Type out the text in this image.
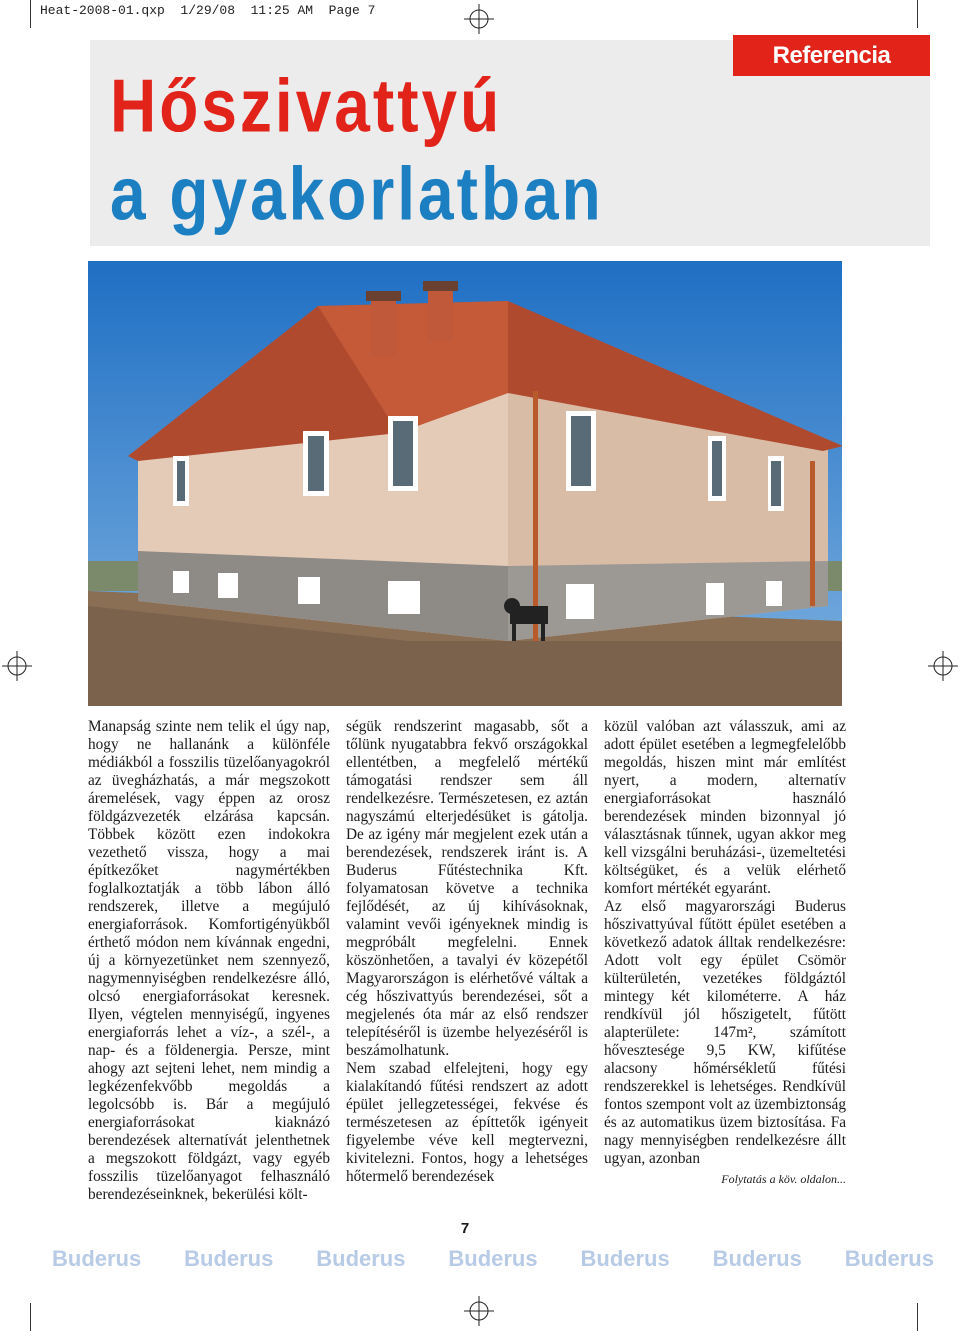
Heat-2008-01.qxp  1/29/08  11:25 AM  Page 7
Referencia
Hőszivattyú
a gyakorlatban

Manapság szinte nem telik el úgy nap, hogy ne hallanánk a különféle médiákból a fosszilis tüzelőanyagokról az üvegházhatás, a már megszokott áremelések, vagy éppen az orosz földgázvezeték elzárása kapcsán. Többek között ezen indokokra vezethető vissza, hogy a mai építkezőket nagymértékben foglalkoztatják a több lábon álló rendszerek, illetve a megújuló energiaforrások. Komfortigényükből érthető módon nem kívánnak engedni, új a környezetünket nem szennyező, nagymennyiségben rendelkezésre álló, olcsó energiaforrásokat keresnek. Ilyen, végtelen mennyiségű, ingyenes energiaforrás lehet a víz-, a szél-, a nap- és a földenergia. Persze, mint ahogy azt sejteni lehet, nem mindig a legkézenfekvőbb megoldás a legolcsóbb is. Bár a megújuló energiaforrásokat kiaknázó berendezések alternatívát jelenthetnek a megszokott földgázt, vagy egyéb fosszilis tüzelőanyagot felhasználó berendezéseinknek, bekerülési költ-

ségük rendszerint magasabb, sőt a tőlünk nyugatabbra fekvő országokkal ellentétben, a megfelelő mértékű támogatási rendszer sem áll rendelkezésre. Természetesen, ez aztán nagyszámú elterjedésüket is gátolja. De az igény már megjelent ezek után a berendezések, rendszerek iránt is. A Buderus Fűtéstechnika Kft. folyamatosan követve a technika fejlődését, az új kihívásoknak, valamint vevői igényeknek mindig is megpróbált megfelelni. Ennek köszönhetően, a tavalyi év közepétől Magyarországon is elérhetővé váltak a cég hőszivattyús berendezései, sőt a megjelenés óta már az első rendszer telepítéséről is üzembe helyezéséről is beszámolhatunk.

Nem szabad elfelejteni, hogy egy kialakítandó fűtési rendszert az adott épület jellegzetességei, fekvése és természetesen az építtetők igényeit figyelembe véve kell megtervezni, kivitelezni. Fontos, hogy a lehetséges hőtermelő berendezések

közül valóban azt válasszuk, ami az adott épület esetében a legmegfelelőbb megoldás, hiszen mint már említést nyert, a modern, alternatív energiaforrásokat használó berendezések minden bizonnyal jó választásnak tűnnek, ugyan akkor meg kell vizsgálni beruházási-, üzemeltetési költségüket, és a velük elérhető komfort mértékét egyaránt.

Az első magyarországi Buderus hőszivattyúval fűtött épület esetében a következő adatok álltak rendelkezésre: Adott volt egy épület Csömör külterületén, vezetékes földgáztól mintegy két kilométerre. A ház rendkívül jól hőszigetelt, fűtött alapterülete: 147m², számított hővesztesége 9,5 KW, kifűtése alacsony hőmérsékletű fűtési rendszerekkel is lehetséges. Rendkívül fontos szempont volt az üzembiztonság és az automatikus üzem biztosítása. Fa nagy mennyiségben rendelkezésre állt ugyan, azonban

Folytatás a köv. oldalon...
7
Buderus Buderus Buderus Buderus Buderus Buderus Buderus
